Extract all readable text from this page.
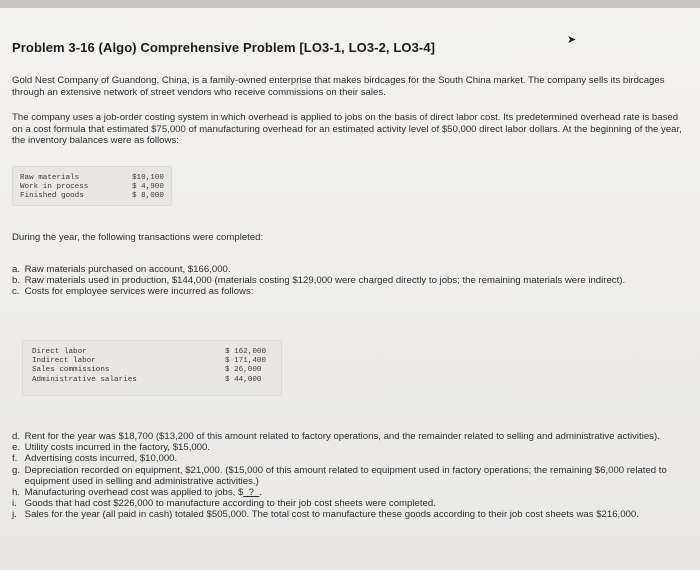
Problem 3-16 (Algo) Comprehensive Problem [LO3-1, LO3-2, LO3-4]	➤
Gold Nest Company of Guandong, China, is a family-owned enterprise that makes birdcages for the South China market. The company sells its birdcages through an extensive network of street vendors who receive commissions on their sales.
The company uses a job-order costing system in which overhead is applied to jobs on the basis of direct labor cost. Its predetermined overhead rate is based on a cost formula that estimated $75,000 of manufacturing overhead for an estimated activity level of $50,000 direct labor dollars. At the beginning of the year, the inventory balances were as follows:
Raw materials	$10,100
Work in process	$ 4,900
Finished goods	$ 8,000
During the year, the following transactions were completed:
a.
Raw materials purchased on account, $166,000.
b.
Raw materials used in production, $144,000 (materials costing $129,000 were charged directly to jobs; the remaining materials were indirect).
c.
Costs for employee services were incurred as follows:
Direct labor	$ 162,000
Indirect labor	$ 171,400
Sales commissions	$ 26,000
Administrative salaries	$ 44,000
d.
Rent for the year was $18,700 ($13,200 of this amount related to factory operations, and the remainder related to selling and administrative activities).
e.
Utility costs incurred in the factory, $15,000.
f.
Advertising costs incurred, $10,000.
g.
Depreciation recorded on equipment, $21,000. ($15,000 of this amount related to equipment used in factory operations; the remaining $6,000 related to equipment used in selling and administrative activities.)
h.
Manufacturing overhead cost was applied to jobs, $_?_.
i.
Goods that had cost $226,000 to manufacture according to their job cost sheets were completed.
j.
Sales for the year (all paid in cash) totaled $505,000. The total cost to manufacture these goods according to their job cost sheets was $216,000.
